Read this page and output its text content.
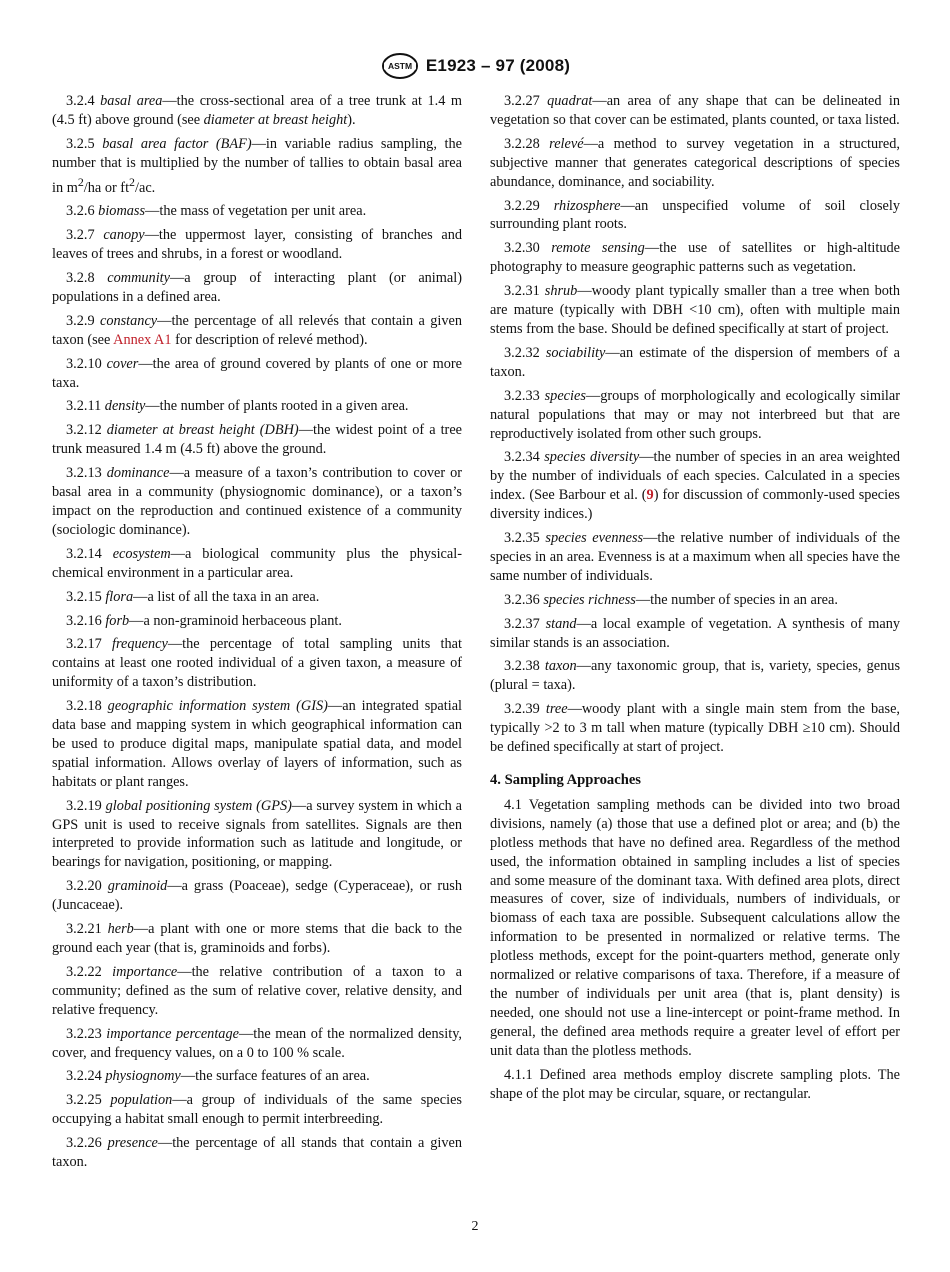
ASTM E1923 – 97 (2008)

3.2.4 basal area—the cross-sectional area of a tree trunk at 1.4 m (4.5 ft) above ground (see diameter at breast height).

3.2.5 basal area factor (BAF)—in variable radius sampling, the number that is multiplied by the number of tallies to obtain basal area in $m^2/ha$ or $ft^2/ac$.

3.2.6 biomass—the mass of vegetation per unit area.

3.2.7 canopy—the uppermost layer, consisting of branches and leaves of trees and shrubs, in a forest or woodland.

3.2.8 community—a group of interacting plant (or animal) populations in a defined area.

3.2.9 constancy—the percentage of all relevés that contain a given taxon (see Annex A1 for description of relevé method).

3.2.10 cover—the area of ground covered by plants of one or more taxa.

3.2.11 density—the number of plants rooted in a given area.

3.2.12 diameter at breast height (DBH)—the widest point of a tree trunk measured 1.4 m (4.5 ft) above the ground.

3.2.13 dominance—a measure of a taxon’s contribution to cover or basal area in a community (physiognomic dominance), or a taxon’s impact on the reproduction and continued existence of a community (sociologic dominance).

3.2.14 ecosystem—a biological community plus the physical-chemical environment in a particular area.

3.2.15 flora—a list of all the taxa in an area.

3.2.16 forb—a non-graminoid herbaceous plant.

3.2.17 frequency—the percentage of total sampling units that contains at least one rooted individual of a given taxon, a measure of uniformity of a taxon’s distribution.

3.2.18 geographic information system (GIS)—an integrated spatial data base and mapping system in which geographical information can be used to produce digital maps, manipulate spatial data, and model spatial information. Allows overlay of layers of information, such as habitats or plant ranges.

3.2.19 global positioning system (GPS)—a survey system in which a GPS unit is used to receive signals from satellites. Signals are then interpreted to provide information such as latitude and longitude, or bearings for navigation, positioning, or mapping.

3.2.20 graminoid—a grass (Poaceae), sedge (Cyperaceae), or rush (Juncaceae).

3.2.21 herb—a plant with one or more stems that die back to the ground each year (that is, graminoids and forbs).

3.2.22 importance—the relative contribution of a taxon to a community; defined as the sum of relative cover, relative density, and relative frequency.

3.2.23 importance percentage—the mean of the normalized density, cover, and frequency values, on a 0 to 100 % scale.

3.2.24 physiognomy—the surface features of an area.

3.2.25 population—a group of individuals of the same species occupying a habitat small enough to permit interbreeding.

3.2.26 presence—the percentage of all stands that contain a given taxon.

3.2.27 quadrat—an area of any shape that can be delineated in vegetation so that cover can be estimated, plants counted, or taxa listed.

3.2.28 relevé—a method to survey vegetation in a structured, subjective manner that generates categorical descriptions of species abundance, dominance, and sociability.

3.2.29 rhizosphere—an unspecified volume of soil closely surrounding plant roots.

3.2.30 remote sensing—the use of satellites or high-altitude photography to measure geographic patterns such as vegetation.

3.2.31 shrub—woody plant typically smaller than a tree when both are mature (typically with DBH <10 cm), often with multiple main stems from the base. Should be defined specifically at start of project.

3.2.32 sociability—an estimate of the dispersion of members of a taxon.

3.2.33 species—groups of morphologically and ecologically similar natural populations that may or may not interbreed but that are reproductively isolated from other such groups.

3.2.34 species diversity—the number of species in an area weighted by the number of individuals of each species. Calculated in a species index. (See Barbour et al. (9) for discussion of commonly-used species diversity indices.)

3.2.35 species evenness—the relative number of individuals of the species in an area. Evenness is at a maximum when all species have the same number of individuals.

3.2.36 species richness—the number of species in an area.

3.2.37 stand—a local example of vegetation. A synthesis of many similar stands is an association.

3.2.38 taxon—any taxonomic group, that is, variety, species, genus (plural = taxa).

3.2.39 tree—woody plant with a single main stem from the base, typically >2 to 3 m tall when mature (typically DBH ≥10 cm). Should be defined specifically at start of project.

4. Sampling Approaches

4.1 Vegetation sampling methods can be divided into two broad divisions, namely (a) those that use a defined plot or area; and (b) the plotless methods that have no defined area. Regardless of the method used, the information obtained in sampling includes a list of species and some measure of the dominant taxa. With defined area plots, direct measures of cover, size of individuals, numbers of individuals, or biomass of each taxa are possible. Subsequent calculations allow the information to be presented in normalized or relative terms. The plotless methods, except for the point-quarters method, generate only normalized or relative comparisons of taxa. Therefore, if a measure of the number of individuals per unit area (that is, plant density) is needed, one should not use a line-intercept or point-frame method. In general, the defined area methods require a greater level of effort per unit data than the plotless methods.

4.1.1 Defined area methods employ discrete sampling plots. The shape of the plot may be circular, square, or rectangular.

2
